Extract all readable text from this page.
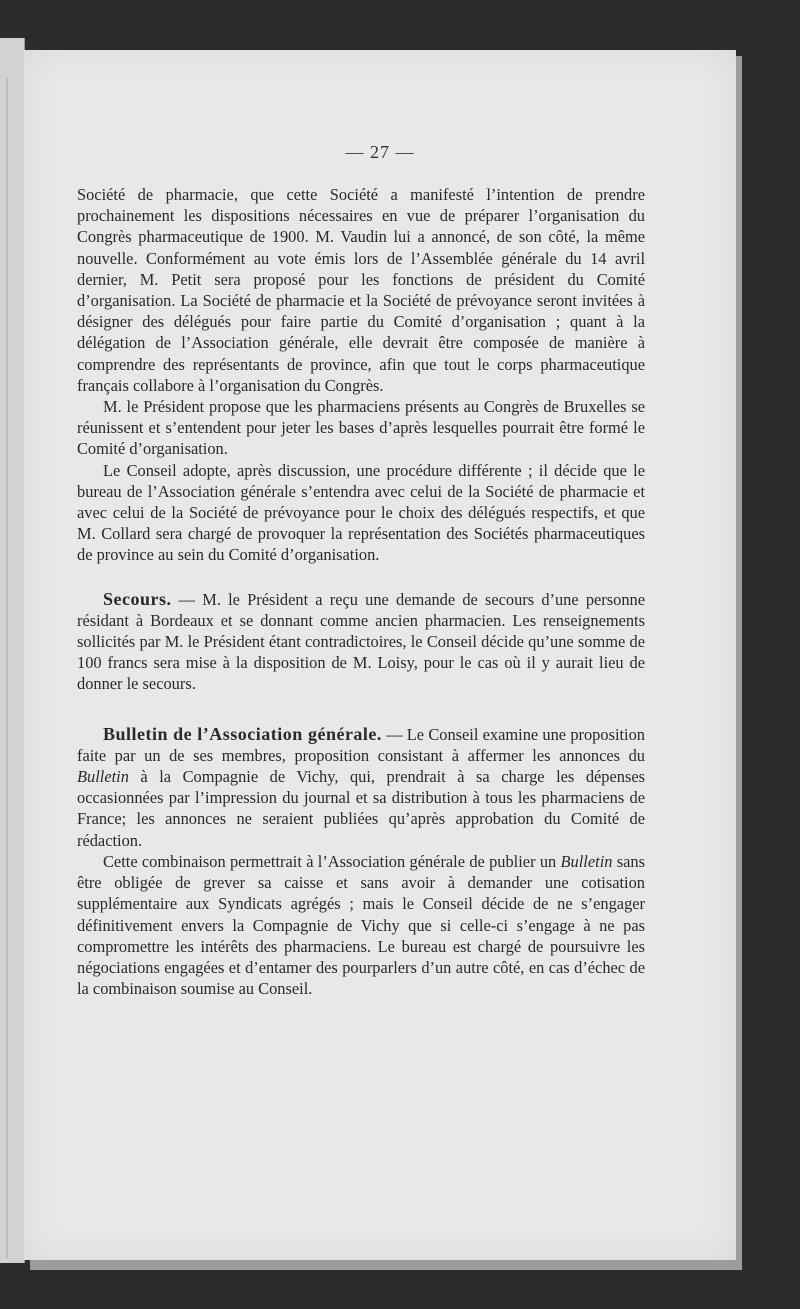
— 27 —

Société de pharmacie, que cette Société a manifesté l’intention de prendre prochainement les dispositions nécessaires en vue de préparer l’organisation du Congrès pharmaceutique de 1900. M. Vaudin lui a annoncé, de son côté, la même nouvelle. Conformément au vote émis lors de l’Assemblée générale du 14 avril dernier, M. Petit sera proposé pour les fonctions de président du Comité d’organisation. La Société de pharmacie et la Société de prévoyance seront invitées à désigner des délégués pour faire partie du Comité d’organisation ; quant à la délégation de l’Association générale, elle devrait être composée de manière à comprendre des représentants de province, afin que tout le corps pharmaceutique français collabore à l’organisation du Congrès.

M. le Président propose que les pharmaciens présents au Congrès de Bruxelles se réunissent et s’entendent pour jeter les bases d’après lesquelles pourrait être formé le Comité d’organisation.

Le Conseil adopte, après discussion, une procédure différente ; il décide que le bureau de l’Association générale s’entendra avec celui de la Société de pharmacie et avec celui de la Société de prévoyance pour le choix des délégués respectifs, et que M. Collard sera chargé de provoquer la représentation des Sociétés pharmaceutiques de province au sein du Comité d’organisation.

Secours. — M. le Président a reçu une demande de secours d’une personne résidant à Bordeaux et se donnant comme ancien pharmacien. Les renseignements sollicités par M. le Président étant contradictoires, le Conseil décide qu’une somme de 100 francs sera mise à la disposition de M. Loisy, pour le cas où il y aurait lieu de donner le secours.

Bulletin de l’Association générale. — Le Conseil examine une proposition faite par un de ses membres, proposition consistant à affermer les annonces du Bulletin à la Compagnie de Vichy, qui, prendrait à sa charge les dépenses occasionnées par l’impression du journal et sa distribution à tous les pharmaciens de France; les annonces ne seraient publiées qu’après approbation du Comité de rédaction.

Cette combinaison permettrait à l’Association générale de publier un Bulletin sans être obligée de grever sa caisse et sans avoir à demander une cotisation supplémentaire aux Syndicats agrégés ; mais le Conseil décide de ne s’engager définitivement envers la Compagnie de Vichy que si celle-ci s’engage à ne pas compromettre les intérêts des pharmaciens. Le bureau est chargé de poursuivre les négociations engagées et d’entamer des pourparlers d’un autre côté, en cas d’échec de la combinaison soumise au Conseil.
